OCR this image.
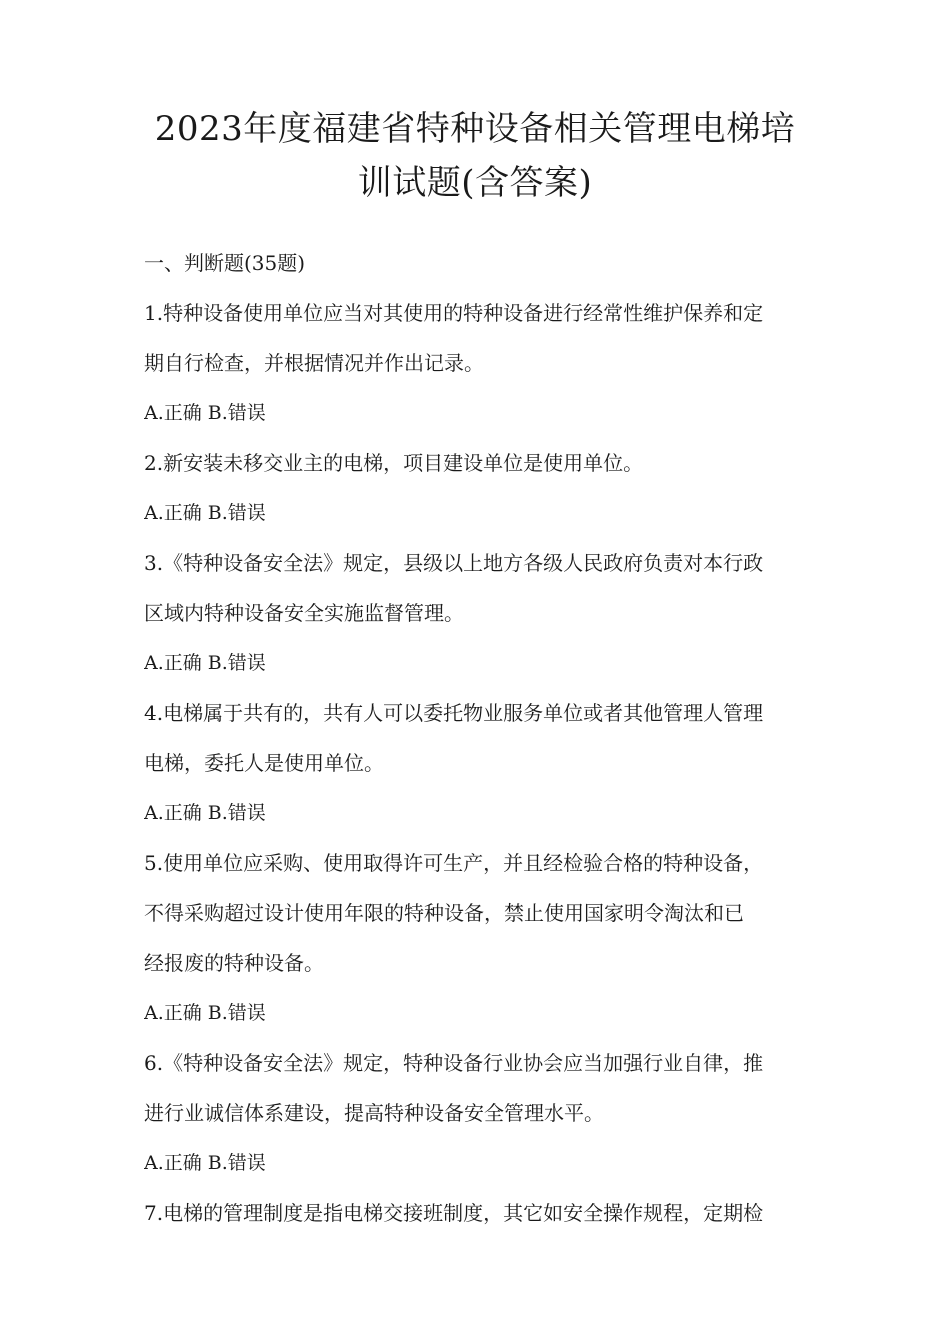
2023年度福建省特种设备相关管理电梯培
训试题(含答案)
一、判断题(35题)
1.特种设备使用单位应当对其使用的特种设备进行经常性维护保养和定
期自行检查，并根据情况并作出记录。
A.正确 B.错误
2.新安装未移交业主的电梯，项目建设单位是使用单位。
A.正确 B.错误
3.《特种设备安全法》规定，县级以上地方各级人民政府负责对本行政
区域内特种设备安全实施监督管理。
A.正确 B.错误
4.电梯属于共有的，共有人可以委托物业服务单位或者其他管理人管理
电梯，委托人是使用单位。
A.正确 B.错误
5.使用单位应采购、使用取得许可生产，并且经检验合格的特种设备，
不得采购超过设计使用年限的特种设备，禁止使用国家明令淘汰和已
经报废的特种设备。
A.正确 B.错误
6.《特种设备安全法》规定，特种设备行业协会应当加强行业自律，推
进行业诚信体系建设，提高特种设备安全管理水平。
A.正确 B.错误
7.电梯的管理制度是指电梯交接班制度，其它如安全操作规程，定期检
